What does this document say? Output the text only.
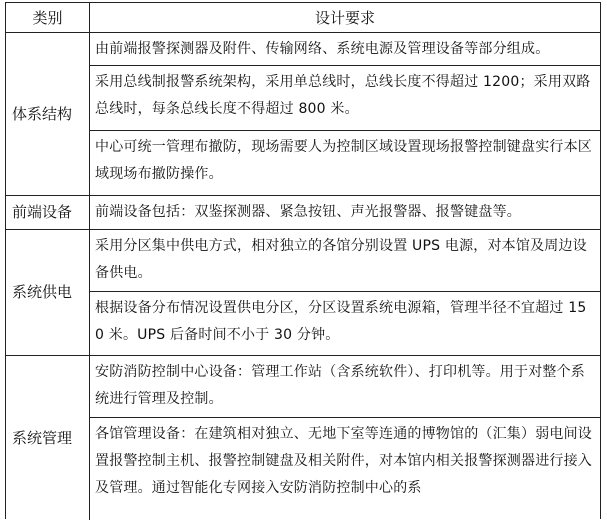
类别	设计要求
体系结构
由前端报警探测器及附件、传输网络、系统电源及管理设备等部分组成。
采用总线制报警系统架构，采用单总线时，总线长度不得超过 1200；采用双路总线时，每条总线长度不得超过 800 米。
中心可统一管理布撤防，现场需要人为控制区域设置现场报警控制键盘实行本区域现场布撤防操作。
前端设备	前端设备包括：双鉴探测器、紧急按钮、声光报警器、报警键盘等。
系统供电
采用分区集中供电方式，相对独立的各馆分别设置 UPS 电源，对本馆及周边设备供电。
根据设备分布情况设置供电分区，分区设置系统电源箱，管理半径不宜超过 150 米。UPS 后备时间不小于 30 分钟。
系统管理
安防消防控制中心设备：管理工作站（含系统软件）、打印机等。用于对整个系统进行管理及控制。
各馆管理设备：在建筑相对独立、无地下室等连通的博物馆的（汇集）弱电间设置报警控制主机、报警控制键盘及相关附件，对本馆内相关报警探测器进行接入及管理。通过智能化专网接入安防消防控制中心的系
